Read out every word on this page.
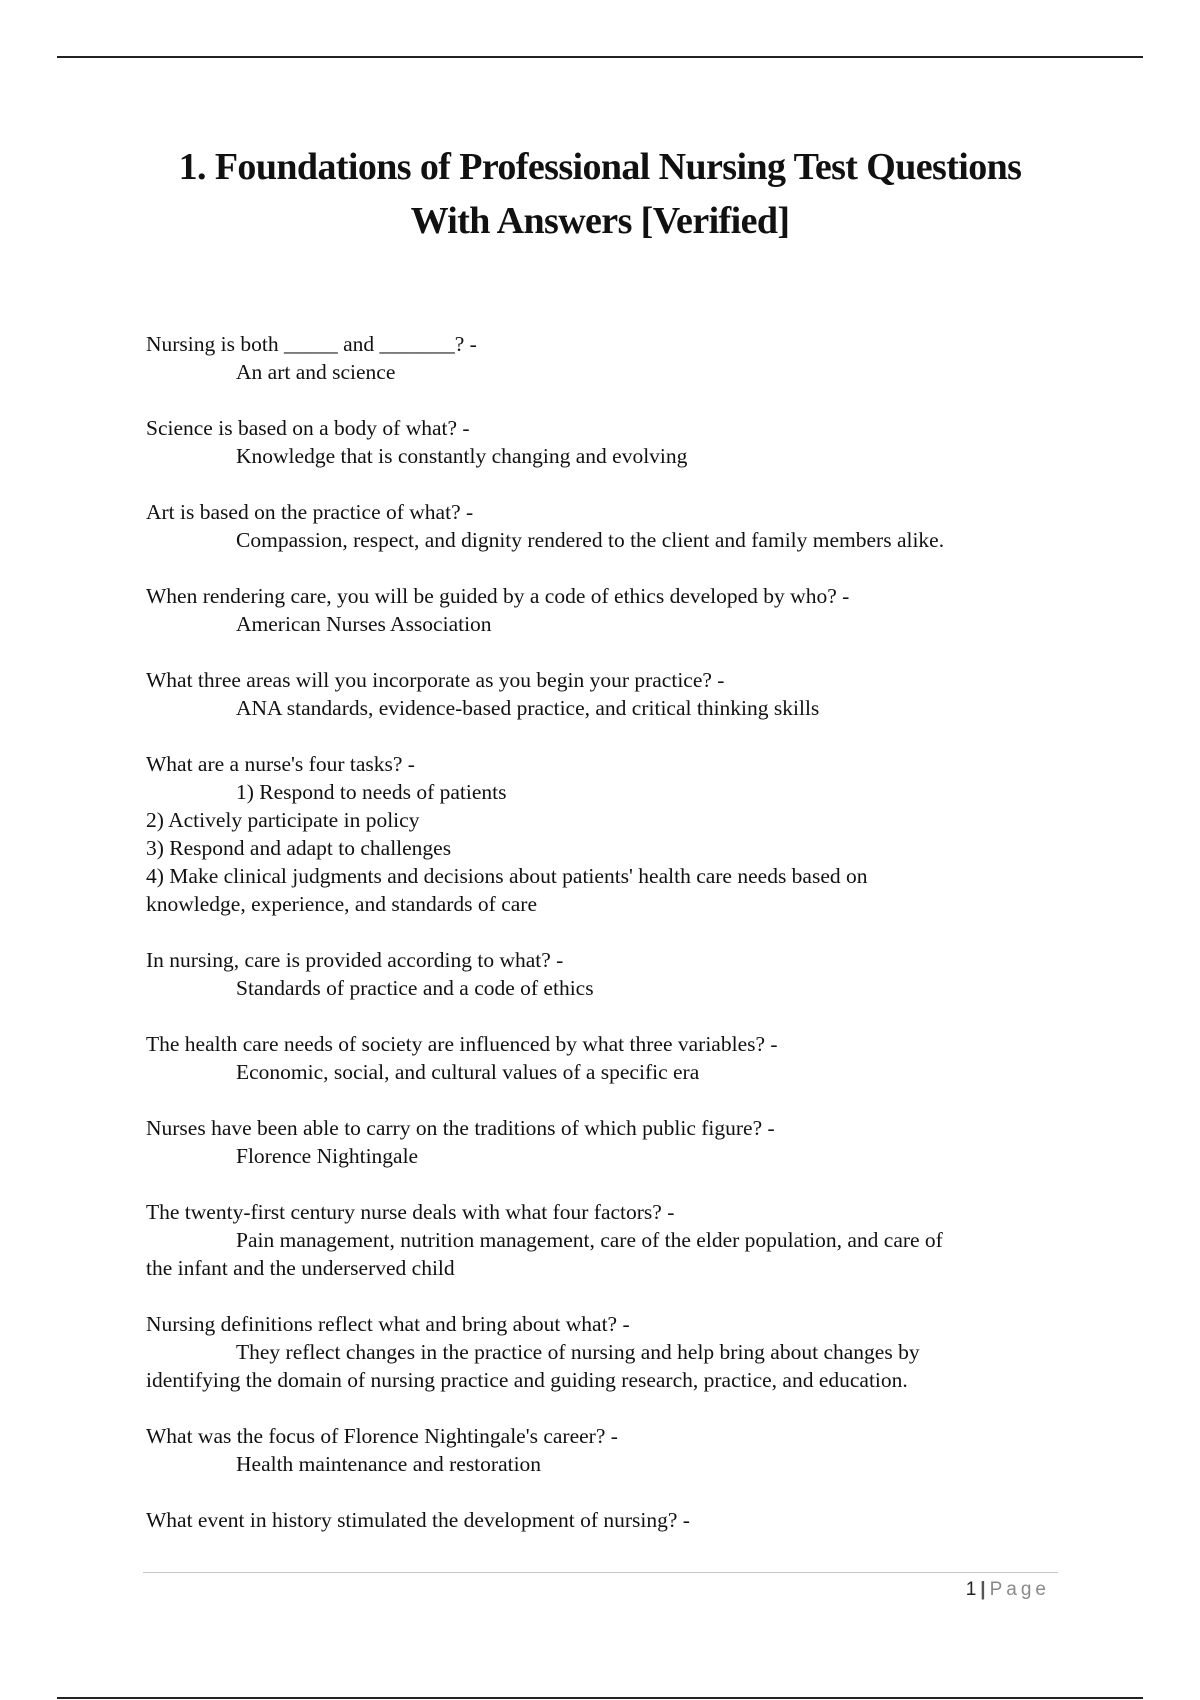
1. Foundations of Professional Nursing Test Questions
With Answers [Verified]
Nursing is both _____ and _______? -
An art and science
Science is based on a body of what? -
Knowledge that is constantly changing and evolving
Art is based on the practice of what? -
Compassion, respect, and dignity rendered to the client and family members alike.
When rendering care, you will be guided by a code of ethics developed by who? -
American Nurses Association
What three areas will you incorporate as you begin your practice? -
ANA standards, evidence-based practice, and critical thinking skills
What are a nurse's four tasks? -
1) Respond to needs of patients
2) Actively participate in policy
3) Respond and adapt to challenges
4) Make clinical judgments and decisions about patients' health care needs based on
knowledge, experience, and standards of care
In nursing, care is provided according to what? -
Standards of practice and a code of ethics
The health care needs of society are influenced by what three variables? -
Economic, social, and cultural values of a specific era
Nurses have been able to carry on the traditions of which public figure? -
Florence Nightingale
The twenty-first century nurse deals with what four factors? -
Pain management, nutrition management, care of the elder population, and care of
the infant and the underserved child
Nursing definitions reflect what and bring about what? -
They reflect changes in the practice of nursing and help bring about changes by
identifying the domain of nursing practice and guiding research, practice, and education.
What was the focus of Florence Nightingale's career? -
Health maintenance and restoration
What event in history stimulated the development of nursing? -
1 | Page
